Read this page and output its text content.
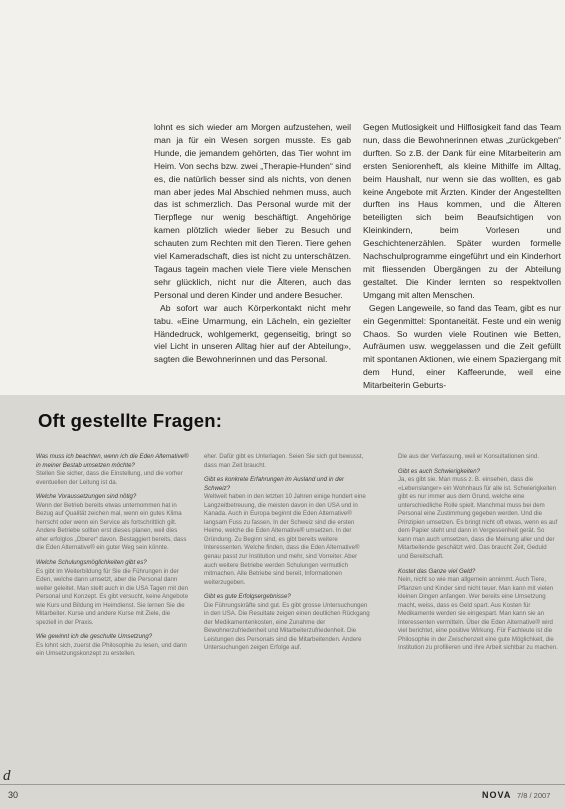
lohnt es sich wieder am Morgen aufzustehen, weil man ja für ein Wesen sorgen musste. Es gab Hunde, die jemandem gehörten, das Tier wohnt im Heim. Von sechs bzw. zwei „Therapie-Hunden“ sind es, die natürlich besser sind als nichts, von denen man aber jedes Mal Abschied nehmen muss, auch das ist schmerzlich. Das Personal wurde mit der Tierpflege nur wenig beschäftigt. Angehörige kamen plötzlich wieder lieber zu Besuch und schauten zum Rechten mit den Tieren. Tiere gehen viel Kameradschaft, dies ist nicht zu unterschätzen. Tagaus tagein machen viele Tiere viele Menschen sehr glücklich, nicht nur die Älteren, auch das Personal und deren Kinder und andere Besucher.

Ab sofort war auch Körperkontakt nicht mehr tabu. «Eine Umarmung, ein Lächeln, ein gezielter Händedruck, wohlgemerkt, gegenseitig, bringt so viel Licht in unseren Alltag hier auf der Abteilung», sagten die Bewohnerinnen und das Personal.

Gegen Mutlosigkeit und Hilflosigkeit fand das Team nun, dass die Bewohnerinnen etwas „zurückgeben“ durften. So z.B. der Dank für eine Mitarbeiterin am ersten Seniorenheft, als kleine Mithilfe im Alltag, beim Haushalt, nur wenn sie das wollten, es gab keine Angebote mit Ärzten. Kinder der Angestellten durften ins Haus kommen, und die Älteren beteiligten sich beim Beaufsichtigen von Kleinkindern, beim Vorlesen und Geschichtenerzählen. Später wurden formelle Nachschulprogramme eingeführt und ein Kinderhort mit fliessenden Übergängen zu der Abteilung gestaltet. Die Kinder lernten so respektvollen Umgang mit alten Menschen.

Gegen Langeweile, so fand das Team, gibt es nur ein Gegenmittel: Spontaneität. Feste und ein wenig Chaos. So wurden viele Routinen wie Betten, Aufräumen usw. weggelassen und die Zeit gefüllt mit spontanen Aktionen, wie einem Spaziergang mit dem Hund, einer Kaffeerunde, weil eine Mitarbeiterin Geburts-

Oft gestellte Fragen:
Was muss ich beachten, wenn ich die Eden Alternative® in meiner Bestab umsetzen möchte?
Stellen Sie sicher, dass die Einstellung, und die vorher eventuellen der Leitung ist da.
Welche Voraussetzungen sind nötig?
Wenn der Betrieb bereits etwas unternommen hat in Bezug auf Qualität zeichen mal, wenn ein gutes Klima herrscht oder wenn ein Service als fortschrittlich gilt. Andere Betriebe sollten erst dieses planen, weil dies eher erfolglos „Oberer“ davon. Bestaggiert bereits, dass die Eden Alternative® ein guter Weg sein könnte.
Welche Schulungsmöglichkeiten gibt es?
Es gibt im Weiterbildung für Sie die Führungen in der Eden, welche dann umsetzt, aber die Personal dann weiter geleitet. Man stellt auch in die USA Tagen mit den Personal und Konzept. Es gibt versucht, keine Angebote wie Kurs und Bildung im Heimdienst. Sie lernen Sie die Mitarbeiter. Kurse und andere Kurse mit Ziele, die speziell in der Praxis.
Wie gewinnt ich die geschulte Umsetzung?
Es lohnt sich, zuerst die Philosophie zu lesen, und dann ein Umsetzungskonzept zu erstellen.
eher. Dafür gibt es Unterlagen. Seien Sie sich gut bewusst, dass man Zeit braucht.
Gibt es konkrete Erfahrungen im Ausland und in der Schweiz?
Weltweit haben in den letzten 10 Jahren einige hundert eine Langzeitbetreuung, die meisten davon in den USA und in Kanada. Auch in Europa beginnt die Eden Alternative® langsam Fuss zu fassen. In der Schweiz sind die ersten Heime, welche die Eden Alternative® umsetzen. In der Gründung. Zu Beginn sind, es gibt bereits weitere Interessenten. Welche finden, dass die Eden Alternative® genau passt zur Institution und mehr, sind Vorreiter. Aber auch weitere Betriebe werden Schulungen vermutlich mitmachen. Alle Betriebe sind bereit, Informationen weiterzugeben.
Gibt es gute Erfolgsergebnisse?
Die Führungskräfte sind gut. Es gibt grosse Untersuchungen in den USA. Die Resultate zeigen einen deutlichen Rückgang der Medikamentenkosten, eine Zunahme der Bewohnerzufriedenheit und Mitarbeiterzufriedenheit. Die Leistungen des Personals sind die Mitarbeitenden. Andere Untersuchungen zeigen Erfolge auf.
Die aus der Verfassung, weil er Konsultationen sind.
Gibt es auch Schwierigkeiten?
Ja, es gibt sie. Man muss z. B. einsehen, dass die «Lebenslanger» ein Wohnhaus für alle ist. Schwierigkeiten gibt es nur immer aus dem Grund, welche eine unterschiedliche Rolle spielt. Manchmal muss bei dem Personal eine Zustimmung gegeben werden. Und die Prinzipien umsetzen. Es bringt nicht oft etwas, wenn es auf dem Papier steht und dann in Vergessenheit gerät. So kann man auch umsetzen, dass die Meinung aller und der Mitarbeitende geschätzt wird. Das braucht Zeit, Geduld und Bereitschaft.
Kostet das Ganze viel Geld?
Nein, nicht so wie man allgemein annimmt. Auch Tiere, Pflanzen und Kinder sind nicht teuer. Man kann mit vielen kleinen Dingen anfangen. Wer bereits eine Umsetzung macht, weiss, dass es Geld spart. Aus Kosten für Medikamente werden sie eingespart. Man kann sie an Interessenten vermitteln. Über die Eden Alternative® wird viel berichtet, eine positive Wirkung. Für Fachleute ist die Philosophie in der Zwischenzeit eine gute Möglichkeit, die Institution zu profilieren und ihre Arbeit sichtbar zu machen.
d
30	NOVA 7/8 / 2007
